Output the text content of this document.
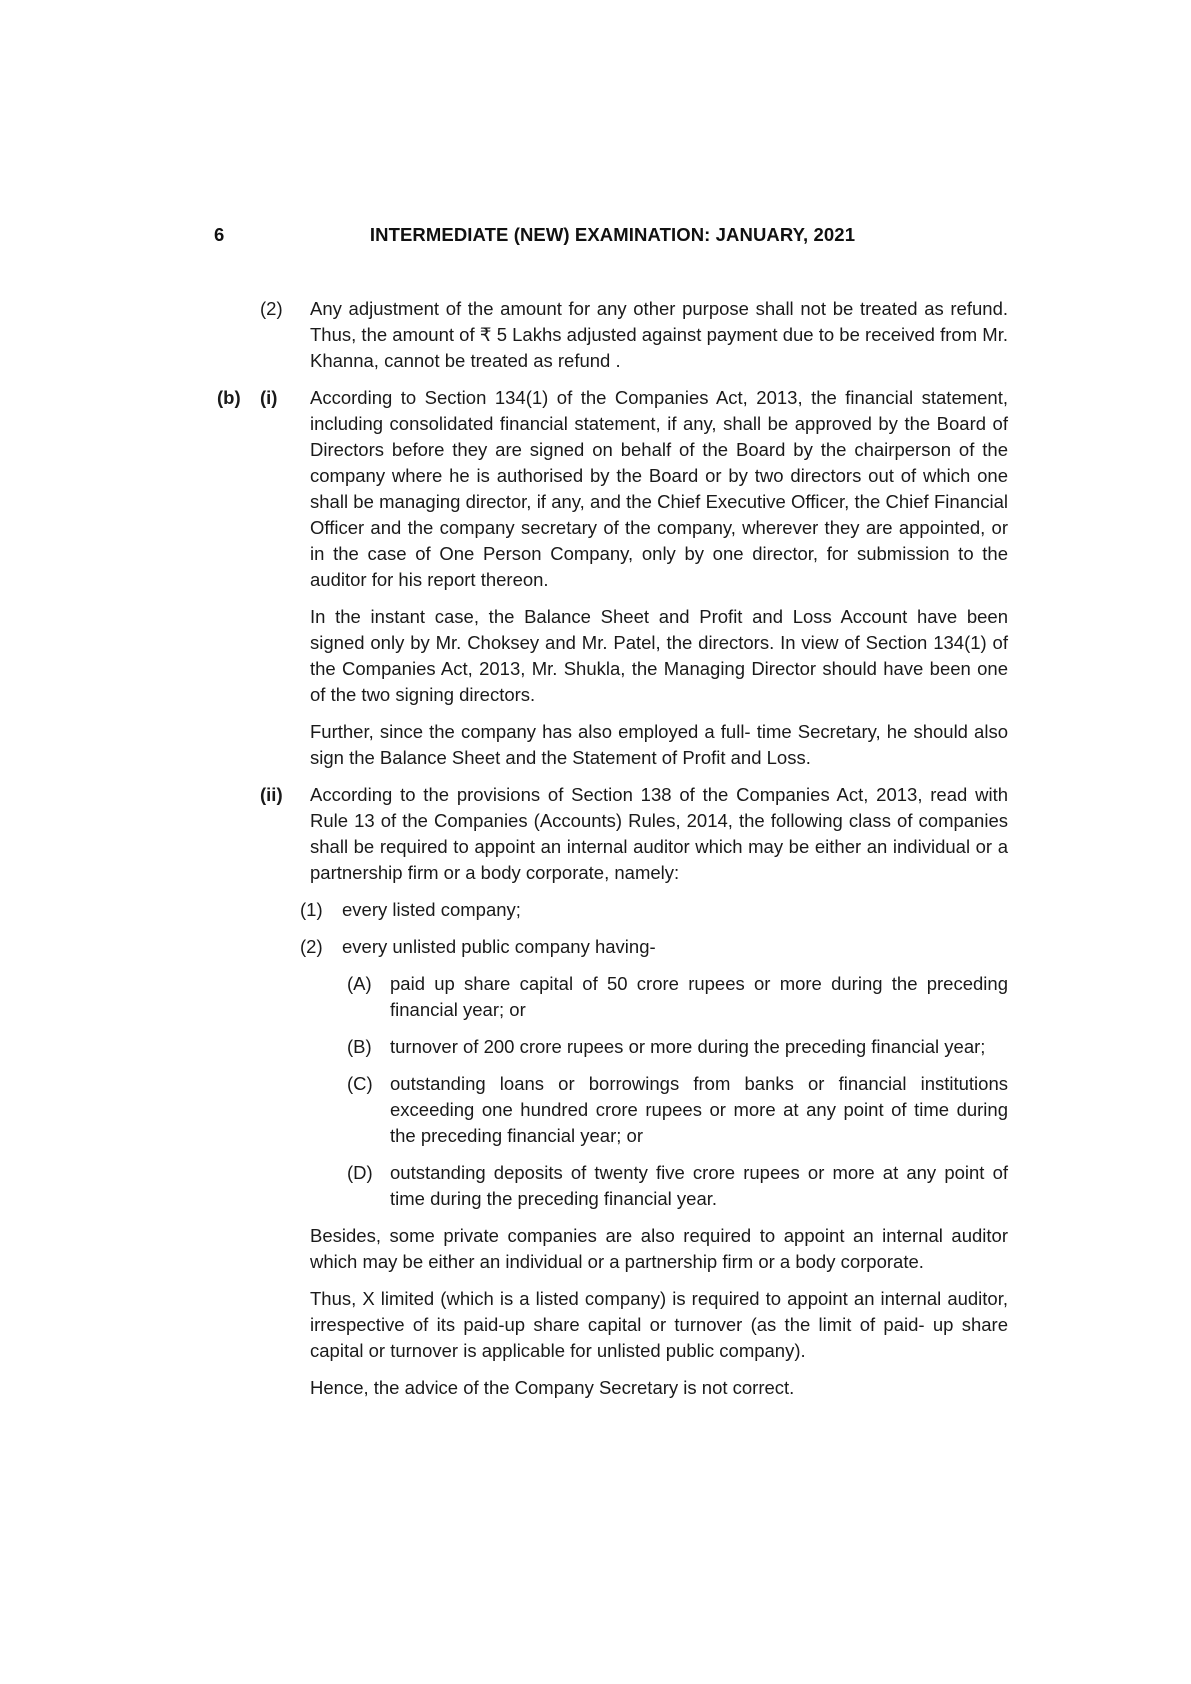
6	INTERMEDIATE (NEW) EXAMINATION: JANUARY, 2021
(2)	Any adjustment of the amount for any other purpose shall not be treated as refund. Thus, the amount of ₹ 5 Lakhs adjusted against payment due to be received from Mr. Khanna, cannot be treated as refund .

(b)	(i)	According to Section 134(1) of the Companies Act, 2013, the financial statement, including consolidated financial statement, if any, shall be approved by the Board of Directors before they are signed on behalf of the Board by the chairperson of the company where he is authorised by the Board or by two directors out of which one shall be managing director, if any, and the Chief Executive Officer, the Chief Financial Officer and the company secretary of the company, wherever they are appointed, or in the case of One Person Company, only by one director, for submission to the auditor for his report thereon.

In the instant case, the Balance Sheet and Profit and Loss Account have been signed only by Mr. Choksey and Mr. Patel, the directors. In view of Section 134(1) of the Companies Act, 2013, Mr. Shukla, the Managing Director should have been one of the two signing directors.

Further, since the company has also employed a full- time Secretary, he should also sign the Balance Sheet and the Statement of Profit and Loss.

(ii)	According to the provisions of Section 138 of the Companies Act, 2013, read with Rule 13 of the Companies (Accounts) Rules, 2014, the following class of companies shall be required to appoint an internal auditor which may be either an individual or a partnership firm or a body corporate, namely:

(1)	every listed company;

(2)	every unlisted public company having-

(A) paid up share capital of 50 crore rupees or more during the preceding financial year; or

(B) turnover of 200 crore rupees or more during the preceding financial year;

(C) outstanding loans or borrowings from banks or financial institutions exceeding one hundred crore rupees or more at any point of time during the preceding financial year; or

(D) outstanding deposits of twenty five crore rupees or more at any point of time during the preceding financial year.

Besides, some private companies are also required to appoint an internal auditor which may be either an individual or a partnership firm or a body corporate.

Thus, X limited (which is a listed company) is required to appoint an internal auditor, irrespective of its paid-up share capital or turnover (as the limit of paid- up share capital or turnover is applicable for unlisted public company).

Hence, the advice of the Company Secretary is not correct.
